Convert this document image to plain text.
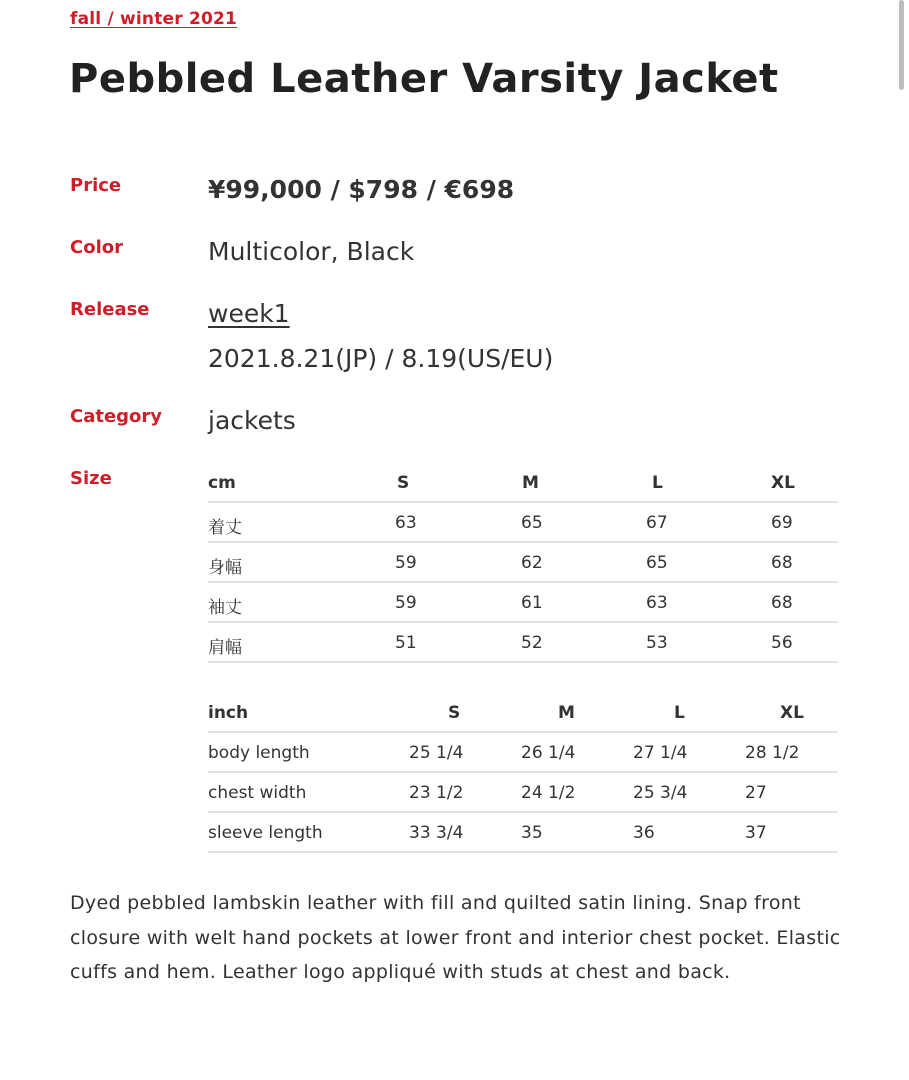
fall / winter 2021
Pebbled Leather Varsity Jacket
Price	¥99,000 / $798 / €698
Color	Multicolor, Black
Release week1
2021.8.21(JP) / 8.19(US/EU)
Category jackets
Size	cm	S	M	L	XL
着丈	63	65	67	69
身幅	59	62	65	68
袖丈	59	61	63	68
肩幅	51	52	53	56
inch	S	M	L	XL
body length	25 1/4	26 1/4	27 1/4	28 1/2
chest width	23 1/2	24 1/2	25 3/4	27
sleeve length	33 3/4	35	36	37

Dyed pebbled lambskin leather with fill and quilted satin lining. Snap front closure with welt hand pockets at lower front and interior chest pocket. Elastic cuffs and hem. Leather logo appliqué with studs at chest and back.
